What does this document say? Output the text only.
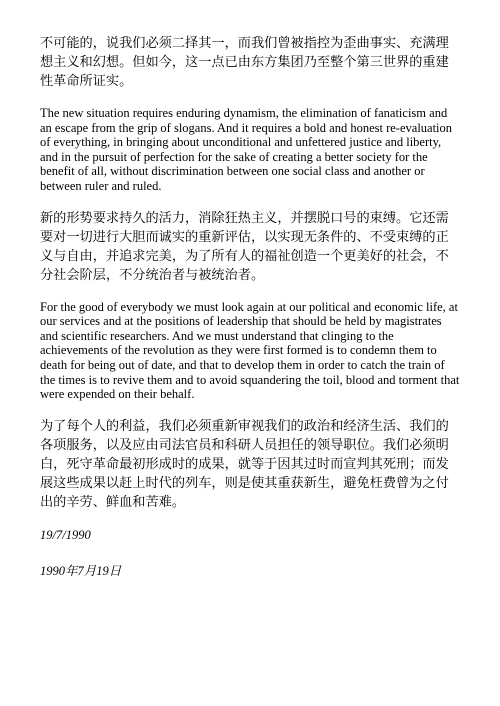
不可能的，说我们必须二择其一，而我们曾被指控为歪曲事实、充满理想主义和幻想。但如今，这一点已由东方集团乃至整个第三世界的重建性革命所证实。

The new situation requires enduring dynamism, the elimination of fanaticism and an escape from the grip of slogans. And it requires a bold and honest re-evaluation of everything, in bringing about unconditional and unfettered justice and liberty, and in the pursuit of perfection for the sake of creating a better society for the benefit of all, without discrimination between one social class and another or between ruler and ruled.

新的形势要求持久的活力，消除狂热主义，并摆脱口号的束缚。它还需要对一切进行大胆而诚实的重新评估，以实现无条件的、不受束缚的正义与自由，并追求完美，为了所有人的福祉创造一个更美好的社会，不分社会阶层，不分统治者与被统治者。

For the good of everybody we must look again at our political and economic life, at our services and at the positions of leadership that should be held by magistrates and scientific researchers. And we must understand that clinging to the achievements of the revolution as they were first formed is to condemn them to death for being out of date, and that to develop them in order to catch the train of the times is to revive them and to avoid squandering the toil, blood and torment that were expended on their behalf.

为了每个人的利益，我们必须重新审视我们的政治和经济生活、我们的各项服务，以及应由司法官员和科研人员担任的领导职位。我们必须明白，死守革命最初形成时的成果，就等于因其过时而宣判其死刑；而发展这些成果以赶上时代的列车，则是使其重获新生，避免枉费曾为之付出的辛劳、鲜血和苦难。

19/7/1990

1990年7月19日
